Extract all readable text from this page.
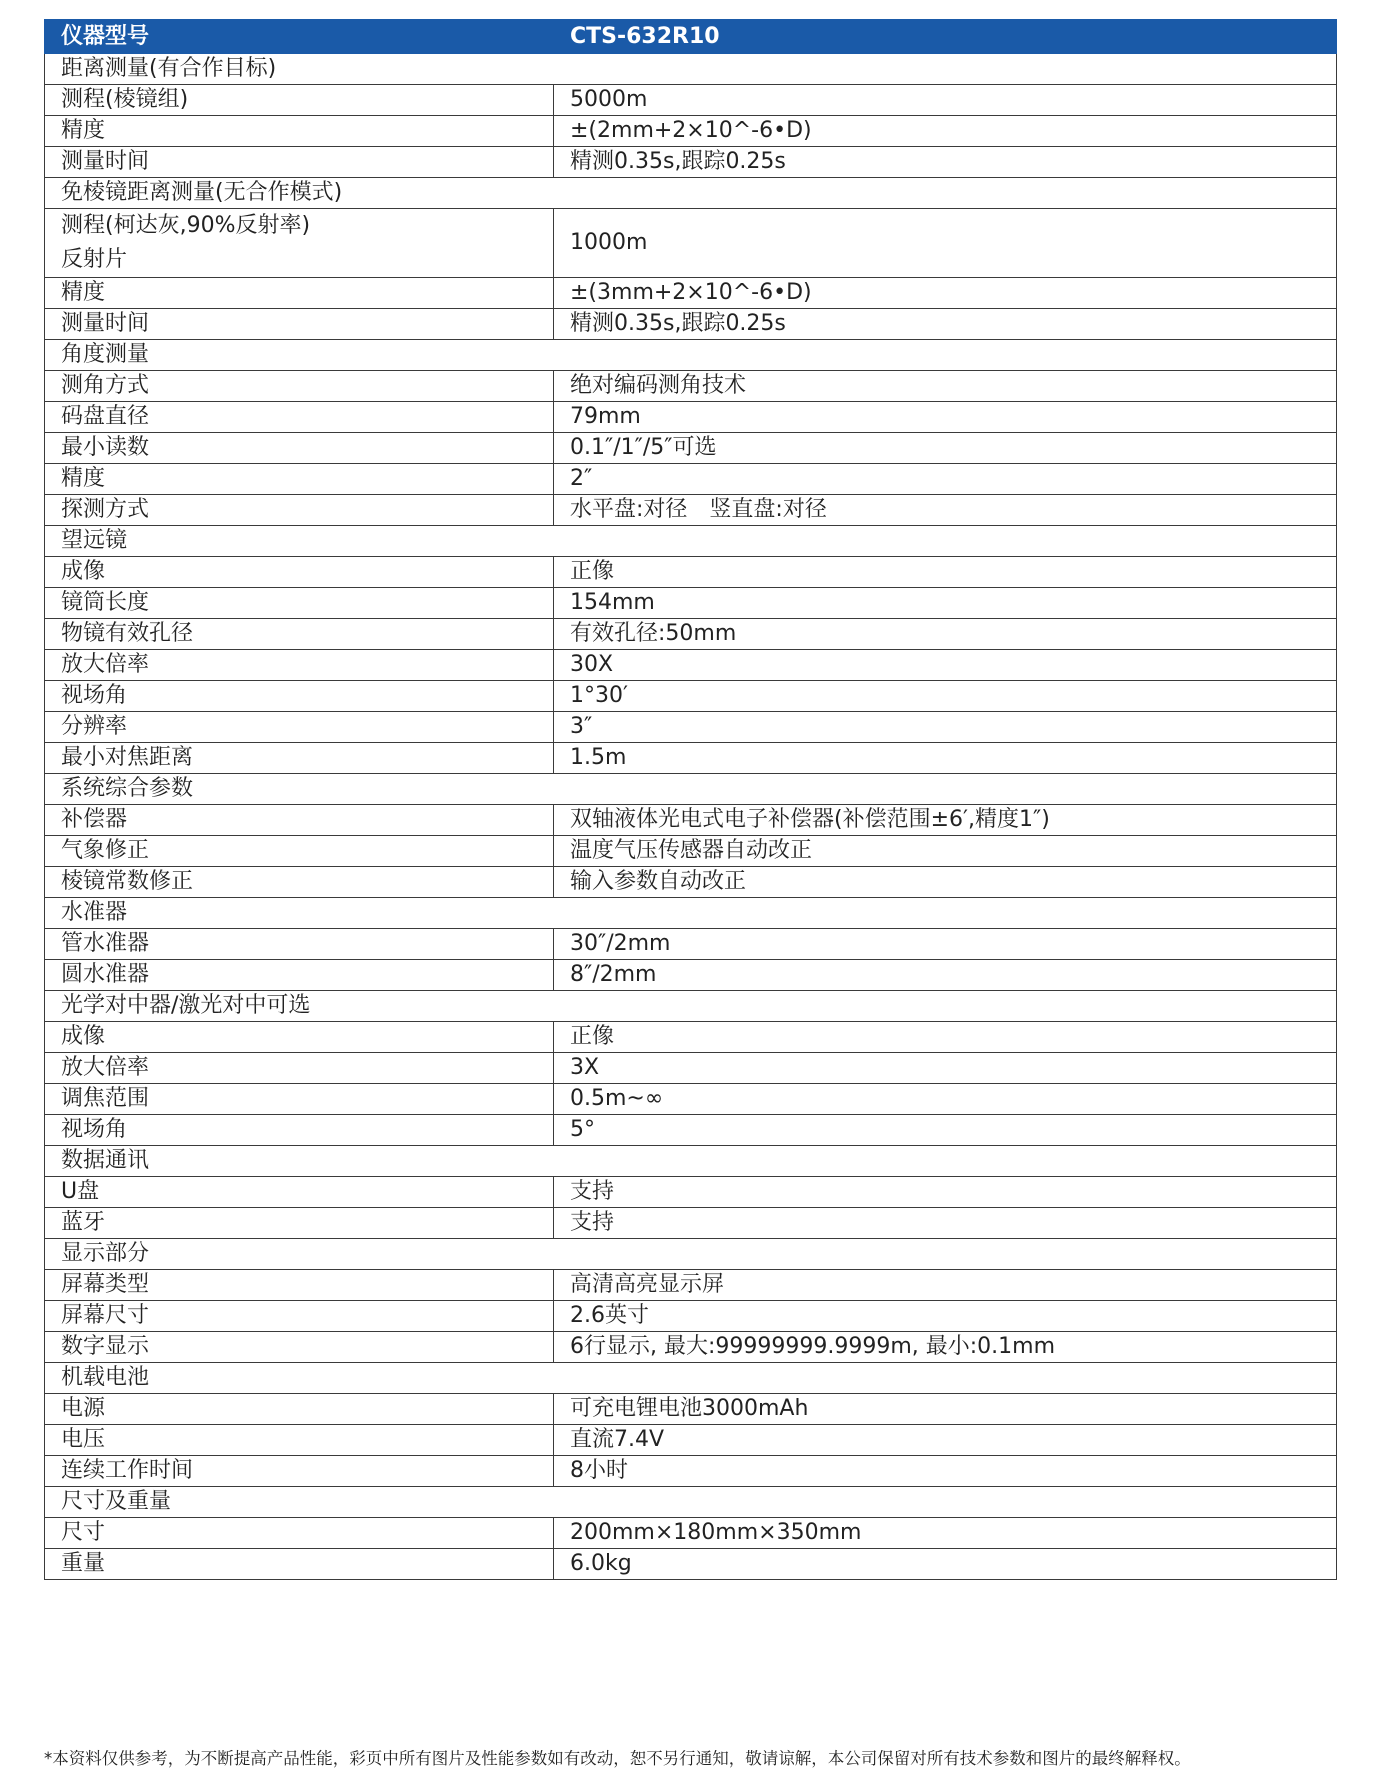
仪器型号	CTS-632R10
距离测量(有合作目标)	
测程(棱镜组)	5000m
精度	±(2mm+2×10^-6•D)
测量时间	精测0.35s,跟踪0.25s
免棱镜距离测量(无合作模式)	

测程(柯达灰,90%反射率)
反射片	1000m
精度	±(3mm+2×10^-6•D)
测量时间	精测0.35s,跟踪0.25s
角度测量	
测角方式	绝对编码测角技术
码盘直径	79mm
最小读数	0.1″/1″/5″可选
精度	2″
探测方式	水平盘:对径　竖直盘:对径
望远镜	
成像	正像
镜筒长度	154mm
物镜有效孔径	有效孔径:50mm
放大倍率	30X
视场角	1°30′
分辨率	3″
最小对焦距离	1.5m
系统综合参数	
补偿器	双轴液体光电式电子补偿器(补偿范围±6′,精度1″)
气象修正	温度气压传感器自动改正
棱镜常数修正	输入参数自动改正
水准器	
管水准器	30″/2mm
圆水准器	8″/2mm
光学对中器/激光对中可选	
成像	正像
放大倍率	3X
调焦范围	0.5m~∞
视场角	5°
数据通讯	
U盘	支持
蓝牙	支持
显示部分	
屏幕类型	高清高亮显示屏
屏幕尺寸	2.6英寸
数字显示	6行显示, 最大:99999999.9999m, 最小:0.1mm
机载电池	
电源	可充电锂电池3000mAh
电压	直流7.4V
连续工作时间	8小时
尺寸及重量	
尺寸	200mm×180mm×350mm
重量	6.0kg
*本资料仅供参考，为不断提高产品性能，彩页中所有图片及性能参数如有改动，恕不另行通知，敬请谅解，本公司保留对所有技术参数和图片的最终解释权。
